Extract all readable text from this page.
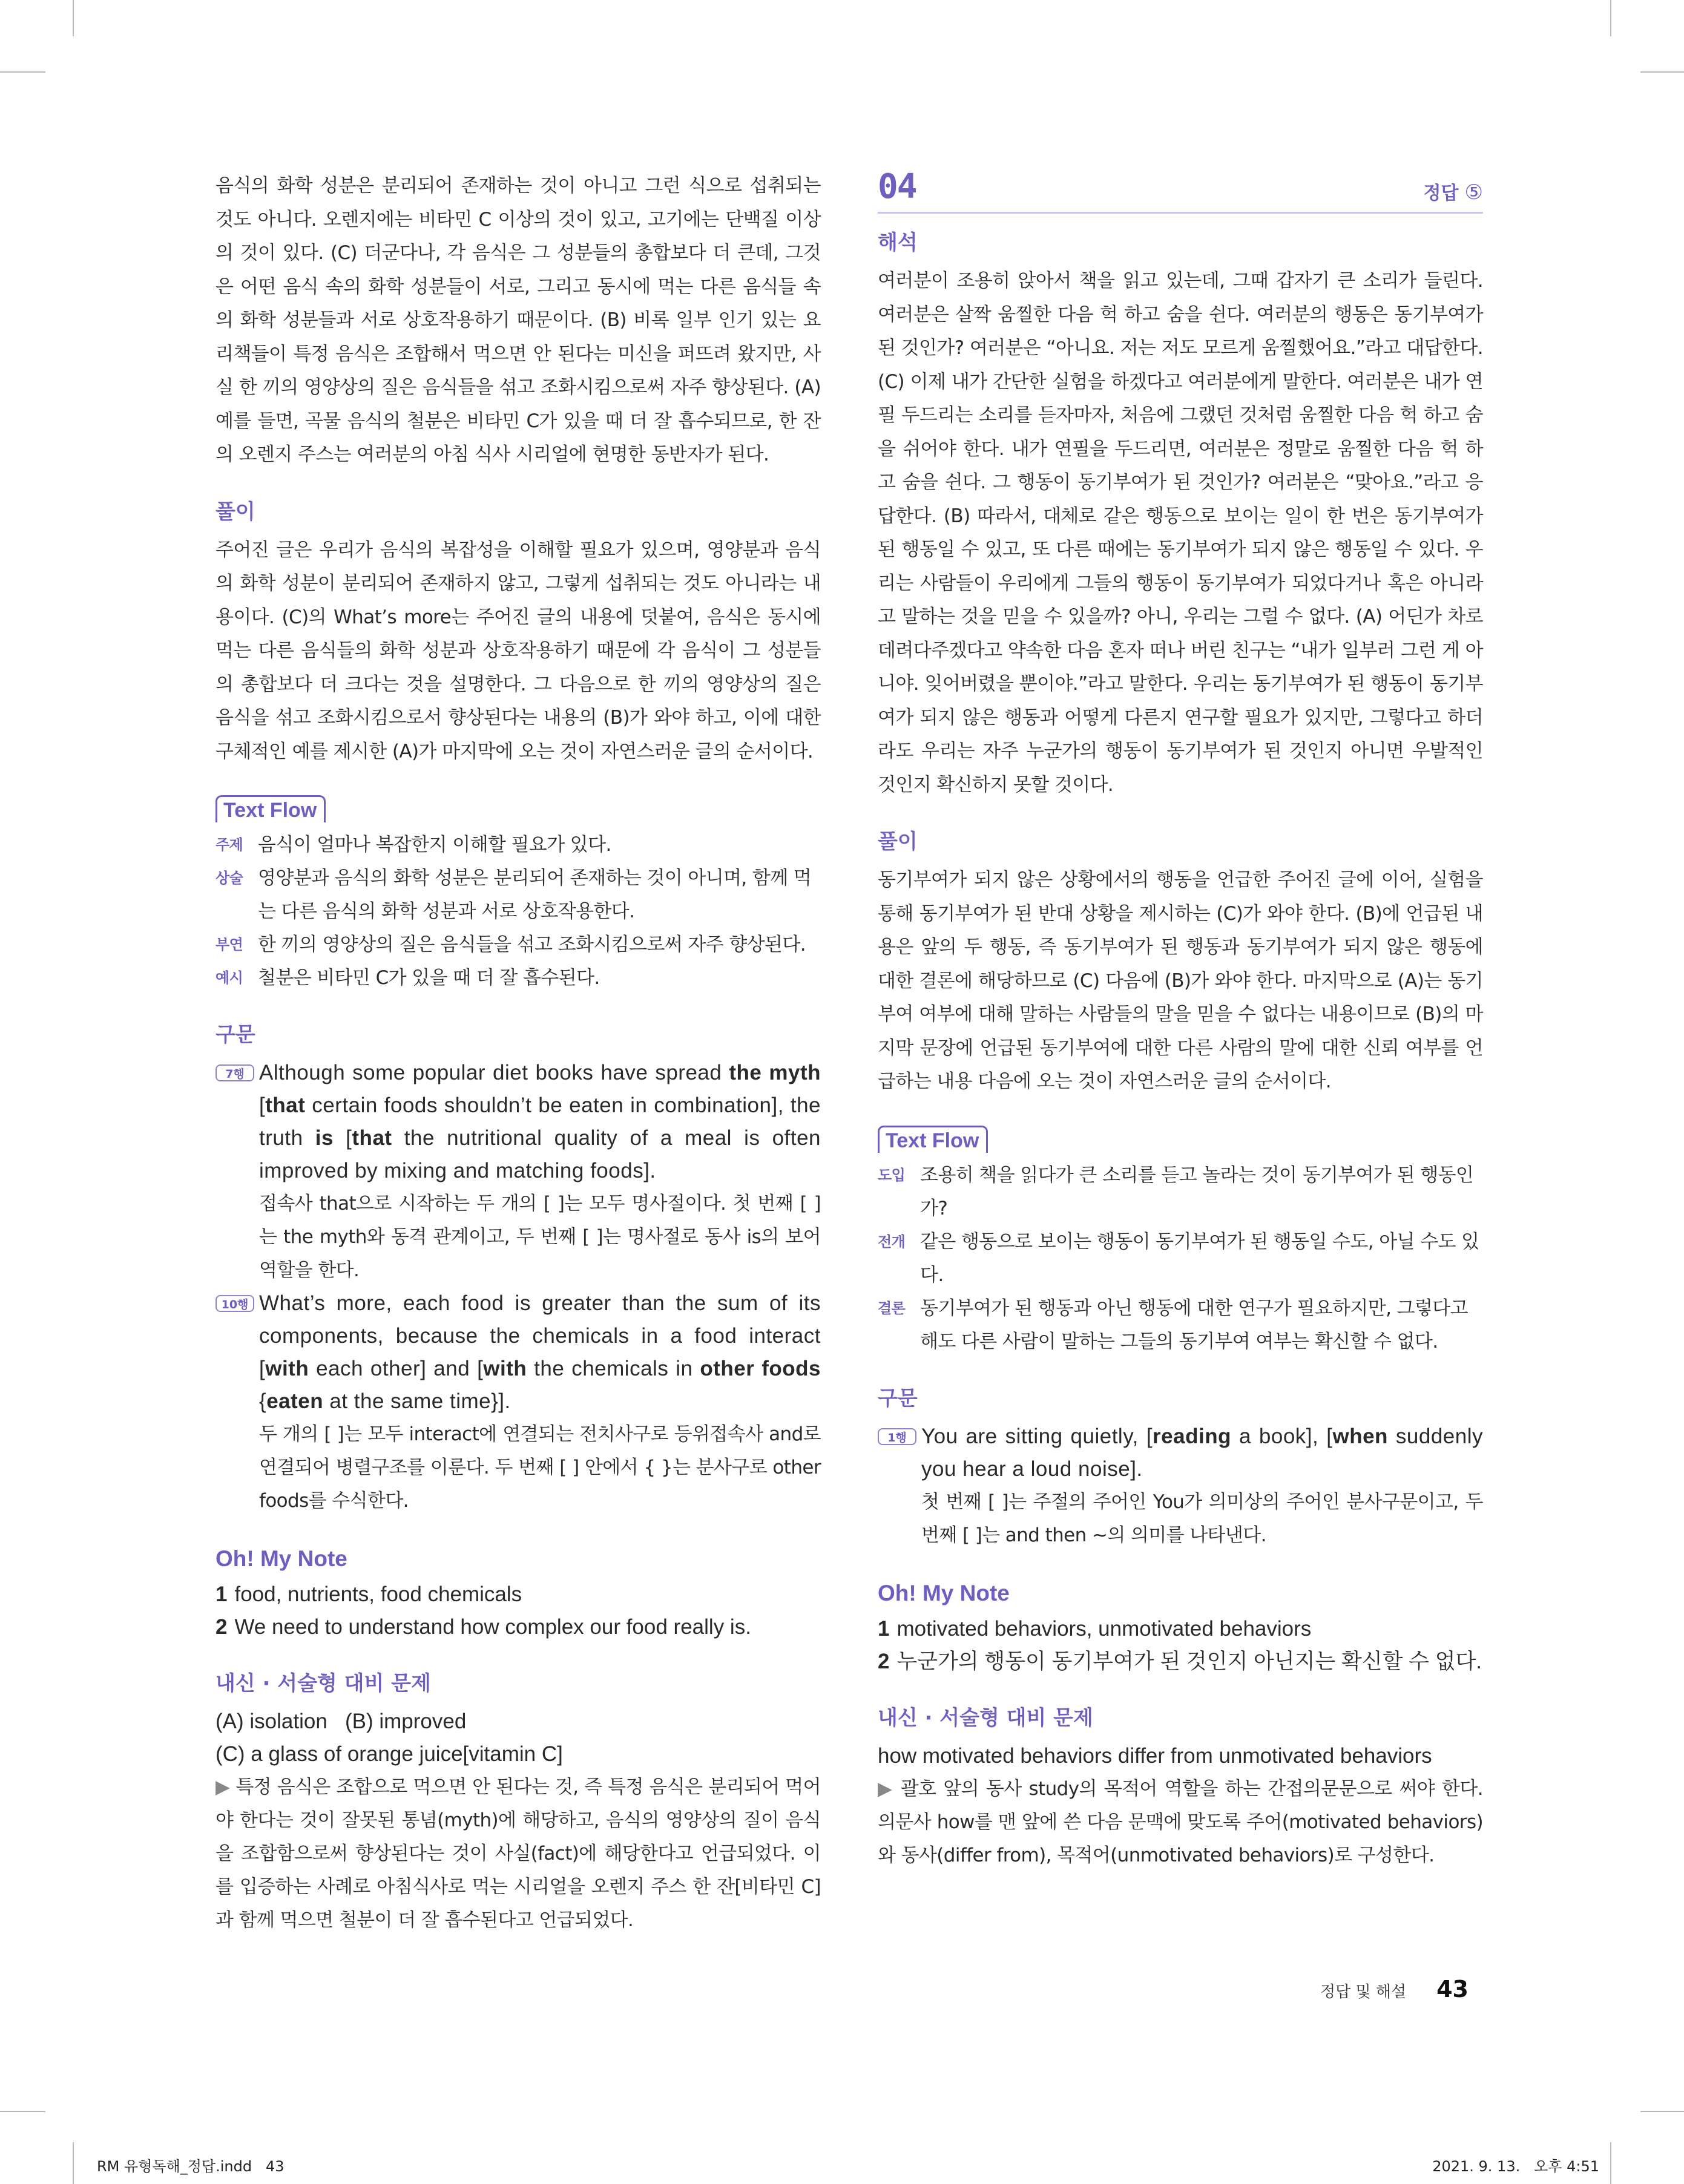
음식의 화학 성분은 분리되어 존재하는 것이 아니고 그런 식으로 섭취되는 것도 아니다. 오렌지에는 비타민 C 이상의 것이 있고, 고기에는 단백질 이상의 것이 있다. (C) 더군다나, 각 음식은 그 성분들의 총합보다 더 큰데, 그것은 어떤 음식 속의 화학 성분들이 서로, 그리고 동시에 먹는 다른 음식들 속의 화학 성분들과 서로 상호작용하기 때문이다. (B) 비록 일부 인기 있는 요리책들이 특정 음식은 조합해서 먹으면 안 된다는 미신을 퍼뜨려 왔지만, 사실 한 끼의 영양상의 질은 음식들을 섞고 조화시킴으로써 자주 향상된다. (A) 예를 들면, 곡물 음식의 철분은 비타민 C가 있을 때 더 잘 흡수되므로, 한 잔의 오렌지 주스는 여러분의 아침 식사 시리얼에 현명한 동반자가 된다.

풀이

주어진 글은 우리가 음식의 복잡성을 이해할 필요가 있으며, 영양분과 음식의 화학 성분이 분리되어 존재하지 않고, 그렇게 섭취되는 것도 아니라는 내용이다. (C)의 What’s more는 주어진 글의 내용에 덧붙여, 음식은 동시에 먹는 다른 음식들의 화학 성분과 상호작용하기 때문에 각 음식이 그 성분들의 총합보다 더 크다는 것을 설명한다. 그 다음으로 한 끼의 영양상의 질은 음식을 섞고 조화시킴으로서 향상된다는 내용의 (B)가 와야 하고, 이에 대한 구체적인 예를 제시한 (A)가 마지막에 오는 것이 자연스러운 글의 순서이다.

Text Flow
주제 음식이 얼마나 복잡한지 이해할 필요가 있다.
상술 영양분과 음식의 화학 성분은 분리되어 존재하는 것이 아니며, 함께 먹는 다른 음식의 화학 성분과 서로 상호작용한다.
부연 한 끼의 영양상의 질은 음식들을 섞고 조화시킴으로써 자주 향상된다.
예시 철분은 비타민 C가 있을 때 더 잘 흡수된다.
구문
7행 Although some popular diet books have spread the myth [that certain foods shouldn’t be eaten in combination], the truth is [that the nutritional quality of a meal is often improved by mixing and matching foods].
접속사 that으로 시작하는 두 개의 [ ]는 모두 명사절이다. 첫 번째 [ ]는 the myth와 동격 관계이고, 두 번째 [ ]는 명사절로 동사 is의 보어 역할을 한다.
10행 What’s more, each food is greater than the sum of its components, because the chemicals in a food interact [with each other] and [with the chemicals in other foods {eaten at the same time}].
두 개의 [ ]는 모두 interact에 연결되는 전치사구로 등위접속사 and로 연결되어 병렬구조를 이룬다. 두 번째 [ ] 안에서 { }는 분사구로 other foods를 수식한다.
Oh! My Note
1 food, nutrients, food chemicals
2 We need to understand how complex our food really is.
내신 · 서술형 대비 문제
(A) isolation (B) improved
(C) a glass of orange juice[vitamin C]

▶ 특정 음식은 조합으로 먹으면 안 된다는 것, 즉 특정 음식은 분리되어 먹어야 한다는 것이 잘못된 통념(myth)에 해당하고, 음식의 영양상의 질이 음식을 조합함으로써 향상된다는 것이 사실(fact)에 해당한다고 언급되었다. 이를 입증하는 사례로 아침식사로 먹는 시리얼을 오렌지 주스 한 잔[비타민 C]과 함께 먹으면 철분이 더 잘 흡수된다고 언급되었다.

04	정답 ⑤
해석

여러분이 조용히 앉아서 책을 읽고 있는데, 그때 갑자기 큰 소리가 들린다. 여러분은 살짝 움찔한 다음 헉 하고 숨을 쉰다. 여러분의 행동은 동기부여가 된 것인가? 여러분은 “아니요. 저는 저도 모르게 움찔했어요.”라고 대답한다. (C) 이제 내가 간단한 실험을 하겠다고 여러분에게 말한다. 여러분은 내가 연필 두드리는 소리를 듣자마자, 처음에 그랬던 것처럼 움찔한 다음 헉 하고 숨을 쉬어야 한다. 내가 연필을 두드리면, 여러분은 정말로 움찔한 다음 헉 하고 숨을 쉰다. 그 행동이 동기부여가 된 것인가? 여러분은 “맞아요.”라고 응답한다. (B) 따라서, 대체로 같은 행동으로 보이는 일이 한 번은 동기부여가 된 행동일 수 있고, 또 다른 때에는 동기부여가 되지 않은 행동일 수 있다. 우리는 사람들이 우리에게 그들의 행동이 동기부여가 되었다거나 혹은 아니라고 말하는 것을 믿을 수 있을까? 아니, 우리는 그럴 수 없다. (A) 어딘가 차로 데려다주겠다고 약속한 다음 혼자 떠나 버린 친구는 “내가 일부러 그런 게 아니야. 잊어버렸을 뿐이야.”라고 말한다. 우리는 동기부여가 된 행동이 동기부여가 되지 않은 행동과 어떻게 다른지 연구할 필요가 있지만, 그렇다고 하더라도 우리는 자주 누군가의 행동이 동기부여가 된 것인지 아니면 우발적인 것인지 확신하지 못할 것이다.

풀이

동기부여가 되지 않은 상황에서의 행동을 언급한 주어진 글에 이어, 실험을 통해 동기부여가 된 반대 상황을 제시하는 (C)가 와야 한다. (B)에 언급된 내용은 앞의 두 행동, 즉 동기부여가 된 행동과 동기부여가 되지 않은 행동에 대한 결론에 해당하므로 (C) 다음에 (B)가 와야 한다. 마지막으로 (A)는 동기부여 여부에 대해 말하는 사람들의 말을 믿을 수 없다는 내용이므로 (B)의 마지막 문장에 언급된 동기부여에 대한 다른 사람의 말에 대한 신뢰 여부를 언급하는 내용 다음에 오는 것이 자연스러운 글의 순서이다.

Text Flow
도입 조용히 책을 읽다가 큰 소리를 듣고 놀라는 것이 동기부여가 된 행동인가?
전개 같은 행동으로 보이는 행동이 동기부여가 된 행동일 수도, 아닐 수도 있다.
결론 동기부여가 된 행동과 아닌 행동에 대한 연구가 필요하지만, 그렇다고 해도 다른 사람이 말하는 그들의 동기부여 여부는 확신할 수 없다.
구문
1행 You are sitting quietly, [reading a book], [when suddenly you hear a loud noise].
첫 번째 [ ]는 주절의 주어인 You가 의미상의 주어인 분사구문이고, 두 번째 [ ]는 and then ~의 의미를 나타낸다.
Oh! My Note
1 motivated behaviors, unmotivated behaviors
2 누군가의 행동이 동기부여가 된 것인지 아닌지는 확신할 수 없다.
내신 · 서술형 대비 문제
how motivated behaviors differ from unmotivated behaviors

▶ 괄호 앞의 동사 study의 목적어 역할을 하는 간접의문문으로 써야 한다. 의문사 how를 맨 앞에 쓴 다음 문맥에 맞도록 주어(motivated behaviors)와 동사(differ from), 목적어(unmotivated behaviors)로 구성한다.

정답 및 해설 43
RM 유형독해_정답.indd   43	2021. 9. 13.   오후 4:51
